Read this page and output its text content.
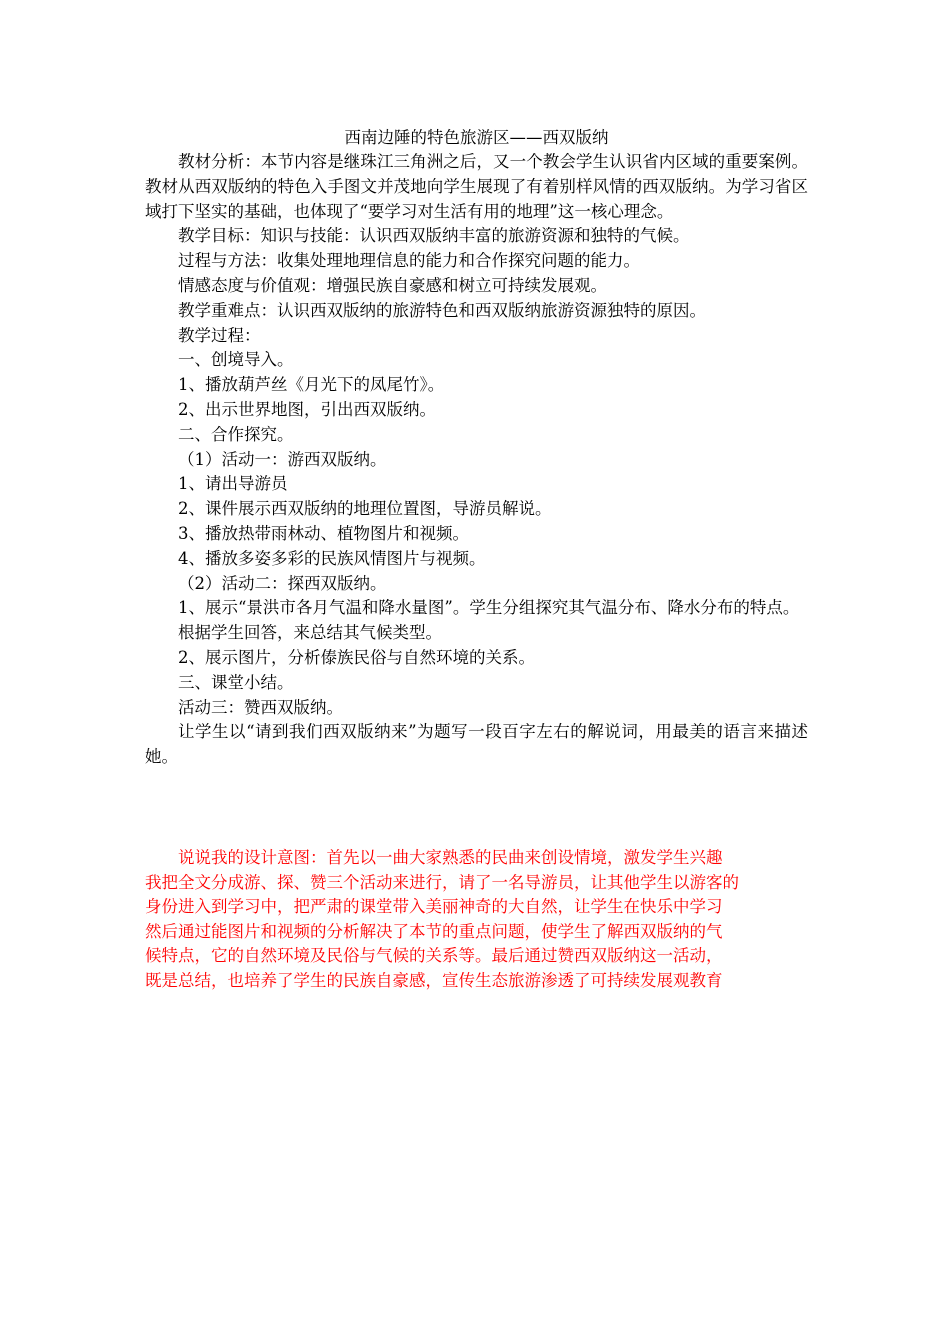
西南边陲的特色旅游区——西双版纳

教材分析：本节内容是继珠江三角洲之后，又一个教会学生认识省内区域的重要案例。教材从西双版纳的特色入手图文并茂地向学生展现了有着别样风情的西双版纳。为学习省区域打下坚实的基础，也体现了“要学习对生活有用的地理”这一核心理念。

教学目标：知识与技能：认识西双版纳丰富的旅游资源和独特的气候。

过程与方法：收集处理地理信息的能力和合作探究问题的能力。

情感态度与价值观：增强民族自豪感和树立可持续发展观。

教学重难点：认识西双版纳的旅游特色和西双版纳旅游资源独特的原因。

教学过程：

一、创境导入。

1、播放葫芦丝《月光下的凤尾竹》。

2、出示世界地图，引出西双版纳。

二、合作探究。

（1）活动一：游西双版纳。

1、请出导游员

2、课件展示西双版纳的地理位置图，导游员解说。

3、播放热带雨林动、植物图片和视频。

4、播放多姿多彩的民族风情图片与视频。

（2）活动二：探西双版纳。

1、展示“景洪市各月气温和降水量图”。学生分组探究其气温分布、降水分布的特点。

根据学生回答，来总结其气候类型。

2、展示图片，分析傣族民俗与自然环境的关系。

三、课堂小结。

活动三：赞西双版纳。

让学生以“请到我们西双版纳来”为题写一段百字左右的解说词，用最美的语言来描述她。

说说我的设计意图：首先以一曲大家熟悉的民曲来创设情境，激发学生兴趣
我把全文分成游、探、赞三个活动来进行，请了一名导游员，让其他学生以游客的
身份进入到学习中，把严肃的课堂带入美丽神奇的大自然，让学生在快乐中学习
然后通过能图片和视频的分析解决了本节的重点问题，使学生了解西双版纳的气
候特点，它的自然环境及民俗与气候的关系等。最后通过赞西双版纳这一活动，
既是总结，也培养了学生的民族自豪感，宣传生态旅游渗透了可持续发展观教育
